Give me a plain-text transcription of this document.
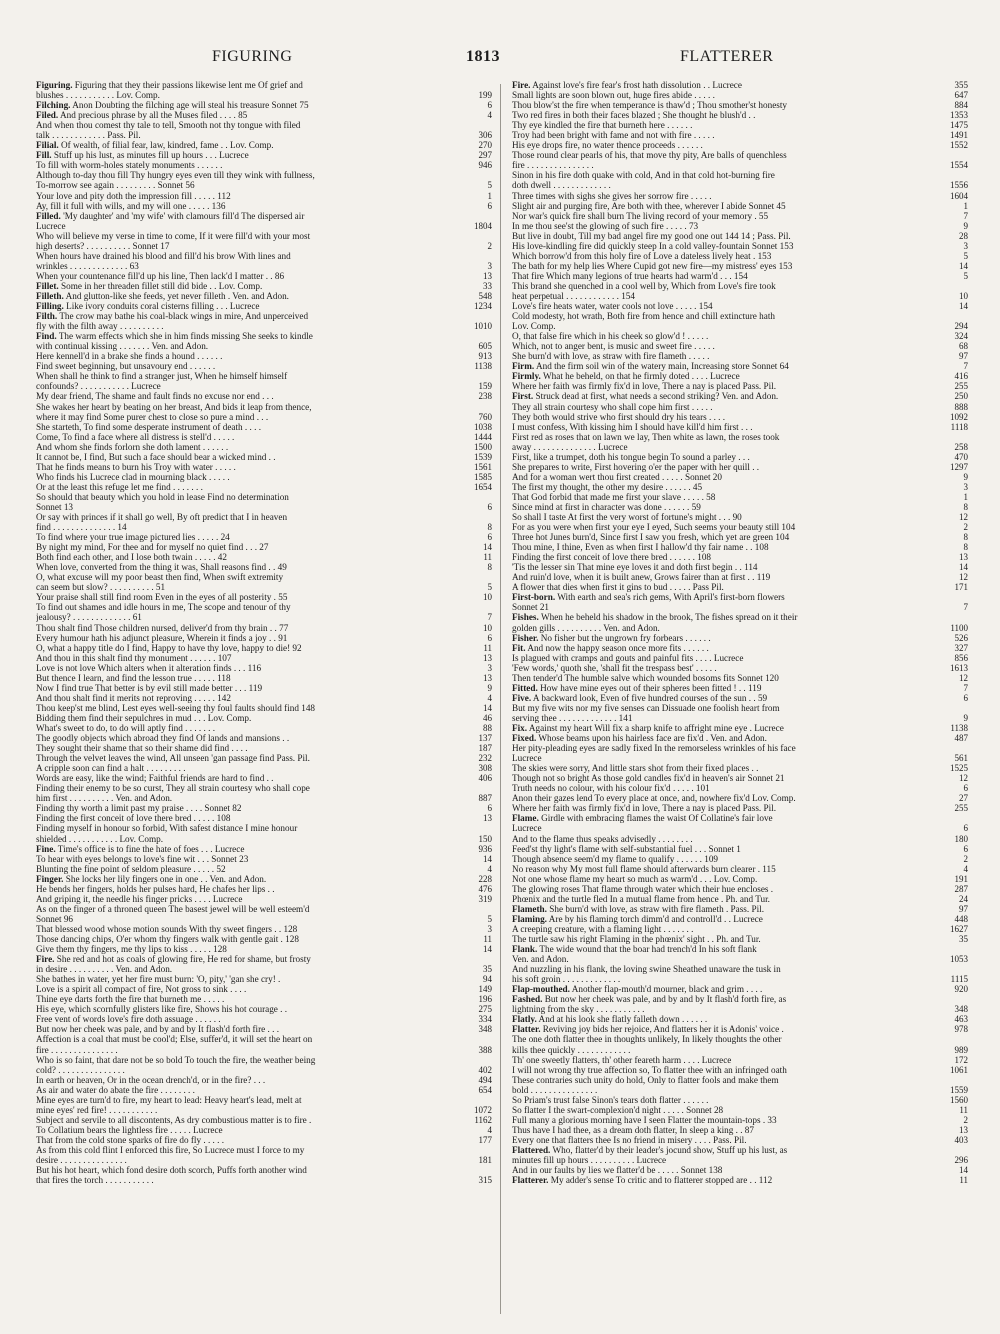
FIGURING	1813	FLATTERER
Figuring. Figuring that they their passions likewise lent me Of grief and
blushes . . . . . . . . . . . Lov. Comp.	199
Filching. Anon Doubting the filching age will steal his treasure Sonnet 75	6
Filed. And precious phrase by all the Muses filed . . . . 85	4
And when thou comest thy tale to tell, Smooth not thy tongue with filed
talk . . . . . . . . . . . . Pass. Pil.	306
Filial. Of wealth, of filial fear, law, kindred, fame . . Lov. Comp.	270
Fill. Stuff up his lust, as minutes fill up hours . . . Lucrece	297
To fill with worm-holes stately monuments . . . . . .	946
Although to-day thou fill Thy hungry eyes even till they wink with fullness,
To-morrow see again . . . . . . . . . Sonnet 56	5
Your love and pity doth the impression fill . . . . . 112	1
Ay, fill it full with wills, and my will one . . . . . 136	6
Filled. 'My daughter' and 'my wife' with clamours fill'd The dispersed air
Lucrece	1804
Who will believe my verse in time to come, If it were fill'd with your most
high deserts? . . . . . . . . . . Sonnet 17	2
When hours have drained his blood and fill'd his brow With lines and
wrinkles . . . . . . . . . . . . . 63	3
When your countenance fill'd up his line, Then lack'd I matter . . 86	13
Fillet. Some in her threaden fillet still did bide . . Lov. Comp.	33
Filleth. And glutton-like she feeds, yet never filleth . Ven. and Adon.	548
Filling. Like ivory conduits coral cisterns filling . . . Lucrece	1234
Filth. The crow may bathe his coal-black wings in mire, And unperceived
fly with the filth away . . . . . . . . . .	1010
Find. The warm effects which she in him finds missing She seeks to kindle
with continual kissing . . . . . . . Ven. and Adon.	605
Here kennell'd in a brake she finds a hound . . . . . .	913
Find sweet beginning, but unsavoury end . . . . . .	1138
When shall he think to find a stranger just, When he himself himself
confounds? . . . . . . . . . . . Lucrece	159
My dear friend, The shame and fault finds no excuse nor end . . .	238
She wakes her heart by beating on her breast, And bids it leap from thence,
where it may find Some purer chest to close so pure a mind . . .	760
She starteth, To find some desperate instrument of death . . . .	1038
Come, To find a face where all distress is stell'd . . . . .	1444
And whom she finds forlorn she doth lament . . . . . .	1500
It cannot be, I find, But such a face should bear a wicked mind . .	1539
That he finds means to burn his Troy with water . . . . .	1561
Who finds his Lucrece clad in mourning black . . . . .	1585
Or at the least this refuge let me find . . . . . . .	1654
So should that beauty which you hold in lease Find no determination
Sonnet 13	6
Or say with princes if it shall go well, By oft predict that I in heaven
find . . . . . . . . . . . . . . 14	8
To find where your true image pictured lies . . . . . 24	6
By night my mind, For thee and for myself no quiet find . . . 27	14
Both find each other, and I lose both twain . . . . . 42	11
When love, converted from the thing it was, Shall reasons find . . 49	8
O, what excuse will my poor beast then find, When swift extremity
can seem but slow? . . . . . . . . . . 51	5
Your praise shall still find room Even in the eyes of all posterity . 55	10
To find out shames and idle hours in me, The scope and tenour of thy
jealousy? . . . . . . . . . . . . . 61	7
Thou shalt find Those children nursed, deliver'd from thy brain . . 77	10
Every humour hath his adjunct pleasure, Wherein it finds a joy . . 91	6
O, what a happy title do I find, Happy to have thy love, happy to die! 92	11
And thou in this shalt find thy monument . . . . . . 107	13
Love is not love Which alters when it alteration finds . . . 116	3
But thence I learn, and find the lesson true . . . . . 118	13
Now I find true That better is by evil still made better . . . 119	9
And thou shalt find it merits not reproving . . . . . 142	4
Thou keep'st me blind, Lest eyes well-seeing thy foul faults should find 148	14
Bidding them find their sepulchres in mud . . . Lov. Comp.	46
What's sweet to do, to do will aptly find . . . . . . .	88
The goodly objects which abroad they find Of lands and mansions . .	137
They sought their shame that so their shame did find . . . .	187
Through the velvet leaves the wind, All unseen 'gan passage find Pass. Pil.	232
A cripple soon can find a halt . . . . . . . . .	308
Words are easy, like the wind; Faithful friends are hard to find . .	406
Finding their enemy to be so curst, They all strain courtesy who shall cope
him first . . . . . . . . . . Ven. and Adon.	887
Finding thy worth a limit past my praise . . . . Sonnet 82	6
Finding the first conceit of love there bred . . . . . 108	13
Finding myself in honour so forbid, With safest distance I mine honour
shielded . . . . . . . . . . . Lov. Comp.	150
Fine. Time's office is to fine the hate of foes . . . Lucrece	936
To hear with eyes belongs to love's fine wit . . . Sonnet 23	14
Blunting the fine point of seldom pleasure . . . . . 52	4
Finger. She locks her lily fingers one in one . . Ven. and Adon.	228
He bends her fingers, holds her pulses hard, He chafes her lips . .	476
And griping it, the needle his finger pricks . . . . Lucrece	319
As on the finger of a throned queen The basest jewel will be well esteem'd
Sonnet 96	5
That blessed wood whose motion sounds With thy sweet fingers . . 128	3
Those dancing chips, O'er whom thy fingers walk with gentle gait . 128	11
Give them thy fingers, me thy lips to kiss . . . . . 128	14
Fire. She red and hot as coals of glowing fire, He red for shame, but frosty
in desire . . . . . . . . . . Ven. and Adon.	35
She bathes in water, yet her fire must burn: 'O, pity,' 'gan she cry! .	94
Love is a spirit all compact of fire, Not gross to sink . . . .	149
Thine eye darts forth the fire that burneth me . . . . .	196
His eye, which scornfully glisters like fire, Shows his hot courage . .	275
Free vent of words love's fire doth assuage . . . . . .	334
But now her cheek was pale, and by and by It flash'd forth fire . . .	348
Affection is a coal that must be cool'd; Else, suffer'd, it will set the heart on
fire . . . . . . . . . . . . . . .	388
Who is so faint, that dare not be so bold To touch the fire, the weather being
cold? . . . . . . . . . . . . . . .	402
In earth or heaven, Or in the ocean drench'd, or in the fire? . . .	494
As air and water do abate the fire . . . . . . . .	654
Mine eyes are turn'd to fire, my heart to lead: Heavy heart's lead, melt at
mine eyes' red fire! . . . . . . . . . . .	1072
Subject and servile to all discontents, As dry combustious matter is to fire .	1162
To Collatium bears the lightless fire . . . . . Lucrece	4
That from the cold stone sparks of fire do fly . . . . .	177
As from this cold flint I enforced this fire, So Lucrece must I force to my
desire . . . . . . . . . . . . . . .	181
But his hot heart, which fond desire doth scorch, Puffs forth another wind
that fires the torch . . . . . . . . . . .	315
Fire. Against love's fire fear's frost hath dissolution . . Lucrece	355
Small lights are soon blown out, huge fires abide . . . . .	647
Thou blow'st the fire when temperance is thaw'd ; Thou smother'st honesty	884
Two red fires in both their faces blazed ; She thought he blush'd . .	1353
Thy eye kindled the fire that burneth here . . . . . .	1475
Troy had been bright with fame and not with fire . . . . .	1491
His eye drops fire, no water thence proceeds . . . . . .	1552
Those round clear pearls of his, that move thy pity, Are balls of quenchless
fire . . . . . . . . . . . . . . .	1554
Sinon in his fire doth quake with cold, And in that cold hot-burning fire
doth dwell . . . . . . . . . . . . .	1556
Three times with sighs she gives her sorrow fire . . . . .	1604
Slight air and purging fire, Are both with thee, wherever I abide Sonnet 45	1
Nor war's quick fire shall burn The living record of your memory . 55	7
In me thou see'st the glowing of such fire . . . . . 73	9
But live in doubt, Till my bad angel fire my good one out 144 14 ; Pass. Pil.	28
His love-kindling fire did quickly steep In a cold valley-fountain Sonnet 153	3
Which borrow'd from this holy fire of Love a dateless lively heat . 153	5
The bath for my help lies Where Cupid got new fire—my mistress' eyes 153	14
That fire Which many legions of true hearts had warm'd . . . 154	5
This brand she quenched in a cool well by, Which from Love's fire took
heat perpetual . . . . . . . . . . . . 154	10
Love's fire heats water, water cools not love . . . . . 154	14
Cold modesty, hot wrath, Both fire from hence and chill extincture hath
Lov. Comp.	294
O, that false fire which in his cheek so glow'd ! . . . . .	324
Which, not to anger bent, is music and sweet fire . . . . .	68
She burn'd with love, as straw with fire flameth . . . . .	97
Firm. And the firm soil win of the watery main, Increasing store Sonnet 64	7
Firmly. What he beheld, on that he firmly doted . . . . Lucrece	416
Where her faith was firmly fix'd in love, There a nay is placed Pass. Pil.	255
First. Struck dead at first, what needs a second striking? Ven. and Adon.	250
They all strain courtesy who shall cope him first . . . . .	888
They both would strive who first should dry his tears . . . .	1092
I must confess, With kissing him I should have kill'd him first . . .	1118
First red as roses that on lawn we lay, Then white as lawn, the roses took
away . . . . . . . . . . . . . . Lucrece	258
First, like a trumpet, doth his tongue begin To sound a parley . . .	470
She prepares to write, First hovering o'er the paper with her quill . .	1297
And for a woman wert thou first created . . . . . Sonnet 20	9
The first my thought, the other my desire . . . . . . 45	3
That God forbid that made me first your slave . . . . . 58	1
Since mind at first in character was done . . . . . . 59	8
So shall I taste At first the very worst of fortune's might . . . 90	12
For as you were when first your eye I eyed, Such seems your beauty still 104	2
Three hot Junes burn'd, Since first I saw you fresh, which yet are green 104	8
Thou mine, I thine, Even as when first I hallow'd thy fair name . . 108	8
Finding the first conceit of love there bred . . . . . . 108	13
'Tis the lesser sin That mine eye loves it and doth first begin . . 114	14
And ruin'd love, when it is built anew, Grows fairer than at first . . 119	12
A flower that dies when first it gins to bud . . . . . Pass Pil.	171
First-born. With earth and sea's rich gems, With April's first-born flowers
Sonnet 21	7
Fishes. When he beheld his shadow in the brook, The fishes spread on it their
golden gills . . . . . . . . . . Ven. and Adon.	1100
Fisher. No fisher but the ungrown fry forbears . . . . . .	526
Fit. And now the happy season once more fits . . . . . .	327
Is plagued with cramps and gouts and painful fits . . . . Lucrece	856
'Few words,' quoth she, 'shall fit the trespass best' . . . . .	1613
Then tender'd The humble salve which wounded bosoms fits Sonnet 120	12
Fitted. How have mine eyes out of their spheres been fitted ! . . 119	7
Five. A backward look, Even of five hundred courses of the sun . . 59	6
But my five wits nor my five senses can Dissuade one foolish heart from
serving thee . . . . . . . . . . . . . 141	9
Fix. Against my heart Will fix a sharp knife to affright mine eye . Lucrece	1138
Fixed. Whose beams upon his hairless face are fix'd . Ven. and Adon.	487
Her pity-pleading eyes are sadly fixed In the remorseless wrinkles of his face
Lucrece	561
The skies were sorry, And little stars shot from their fixed places . .	1525
Though not so bright As those gold candles fix'd in heaven's air Sonnet 21	12
Truth needs no colour, with his colour fix'd . . . . . 101	6
Anon their gazes lend To every place at once, and, nowhere fix'd Lov. Comp.	27
Where her faith was firmly fix'd in love, There a nay is placed Pass. Pil.	255
Flame. Girdle with embracing flames the waist Of Collatine's fair love
Lucrece	6
And to the flame thus speaks advisedly . . . . . . . .	180
Feed'st thy light's flame with self-substantial fuel . . . Sonnet 1	6
Though absence seem'd my flame to qualify . . . . . . 109	2
No reason why My most full flame should afterwards burn clearer . 115	4
Not one whose flame my heart so much as warm'd . . . Lov. Comp.	191
The glowing roses That flame through water which their hue encloses .	287
Phœnix and the turtle fled In a mutual flame from hence . Ph. and Tur.	24
Flameth. She burn'd with love, as straw with fire flameth . Pass. Pil.	97
Flaming. Are by his flaming torch dimm'd and controll'd . . Lucrece	448
A creeping creature, with a flaming light . . . . . . .	1627
The turtle saw his right Flaming in the phœnix' sight . . Ph. and Tur.	35
Flank. The wide wound that the boar had trench'd In his soft flank
Ven. and Adon.	1053
And nuzzling in his flank, the loving swine Sheathed unaware the tusk in
his soft groin . . . . . . . . . . . . .	1115
Flap-mouthed. Another flap-mouth'd mourner, black and grim . . . .	920
Fashed. But now her cheek was pale, and by and by It flash'd forth fire, as
lightning from the sky . . . . . . . . . . .	348
Flatly. And at his look she flatly falleth down . . . . . .	463
Flatter. Reviving joy bids her rejoice, And flatters her it is Adonis' voice .	978
The one doth flatter thee in thoughts unlikely, In likely thoughts the other
kills thee quickly . . . . . . . . . . . .	989
Th' one sweetly flatters, th' other feareth harm . . . . Lucrece	172
I will not wrong thy true affection so, To flatter thee with an infringed oath	1061
These contraries such unity do hold, Only to flatter fools and make them
bold . . . . . . . . . . . . . . .	1559
So Priam's trust false Sinon's tears doth flatter . . . . . .	1560
So flatter I the swart-complexion'd night . . . . . Sonnet 28	11
Full many a glorious morning have I seen Flatter the mountain-tops . 33	2
Thus have I had thee, as a dream doth flatter, In sleep a king . . 87	13
Every one that flatters thee Is no friend in misery . . . . Pass. Pil.	403
Flattered. Who, flatter'd by their leader's jocund show, Stuff up his lust, as
minutes fill up hours . . . . . . . . . . Lucrece	296
And in our faults by lies we flatter'd be . . . . . Sonnet 138	14
Flatterer. My adder's sense To critic and to flatterer stopped are . . 112	11
